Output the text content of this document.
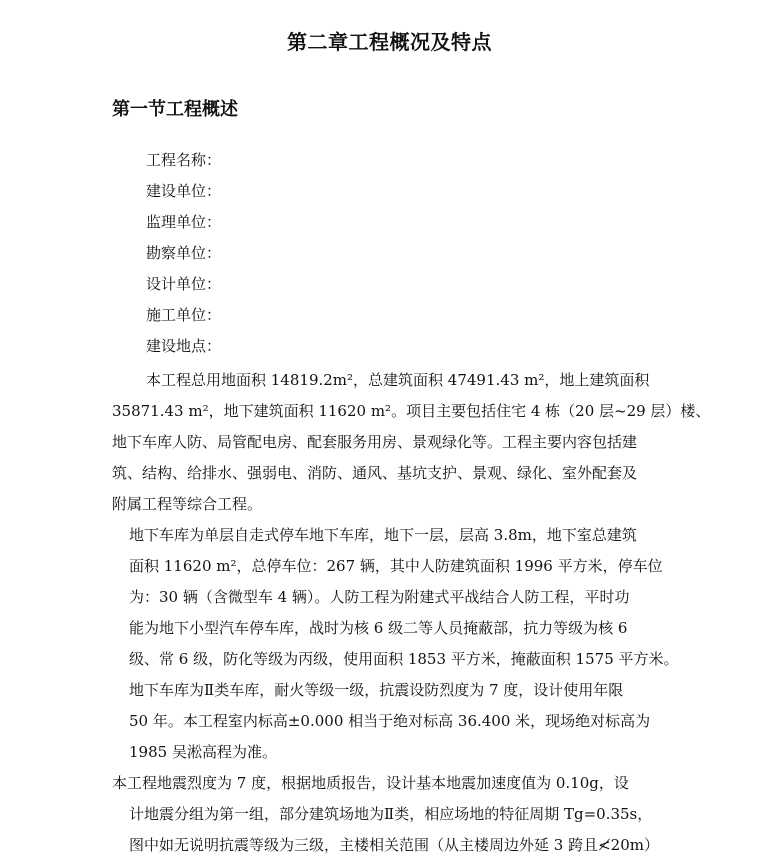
第二章工程概况及特点
第一节工程概述
工程名称：
建设单位：
监理单位：
勘察单位：
设计单位：
施工单位：
建设地点：
本工程总用地面积 14819.2m²，总建筑面积 47491.43 m²，地上建筑面积
35871.43 m²，地下建筑面积 11620 m²。项目主要包括住宅 4 栋（20 层~29 层）楼、
地下车库人防、局管配电房、配套服务用房、景观绿化等。工程主要内容包括建
筑、结构、给排水、强弱电、消防、通风、基坑支护、景观、绿化、室外配套及
附属工程等综合工程。
地下车库为单层自走式停车地下车库，地下一层，层高 3.8m，地下室总建筑
面积 11620 m²，总停车位：267 辆，其中人防建筑面积 1996 平方米，停车位
为：30 辆（含微型车 4 辆）。人防工程为附建式平战结合人防工程，平时功
能为地下小型汽车停车库，战时为核 6 级二等人员掩蔽部，抗力等级为核 6
级、常 6 级，防化等级为丙级，使用面积 1853 平方米，掩蔽面积 1575 平方米。
地下车库为Ⅱ类车库，耐火等级一级，抗震设防烈度为 7 度，设计使用年限
50 年。本工程室内标高±0.000 相当于绝对标高 36.400 米，现场绝对标高为
1985 吴淞高程为准。
本工程地震烈度为 7 度，根据地质报告，设计基本地震加速度值为 0.10g，设
计地震分组为第一组，部分建筑场地为Ⅱ类，相应场地的特征周期 Tg=0.35s，
图中如无说明抗震等级为三级，主楼相关范围（从主楼周边外延 3 跨且≮20m）
